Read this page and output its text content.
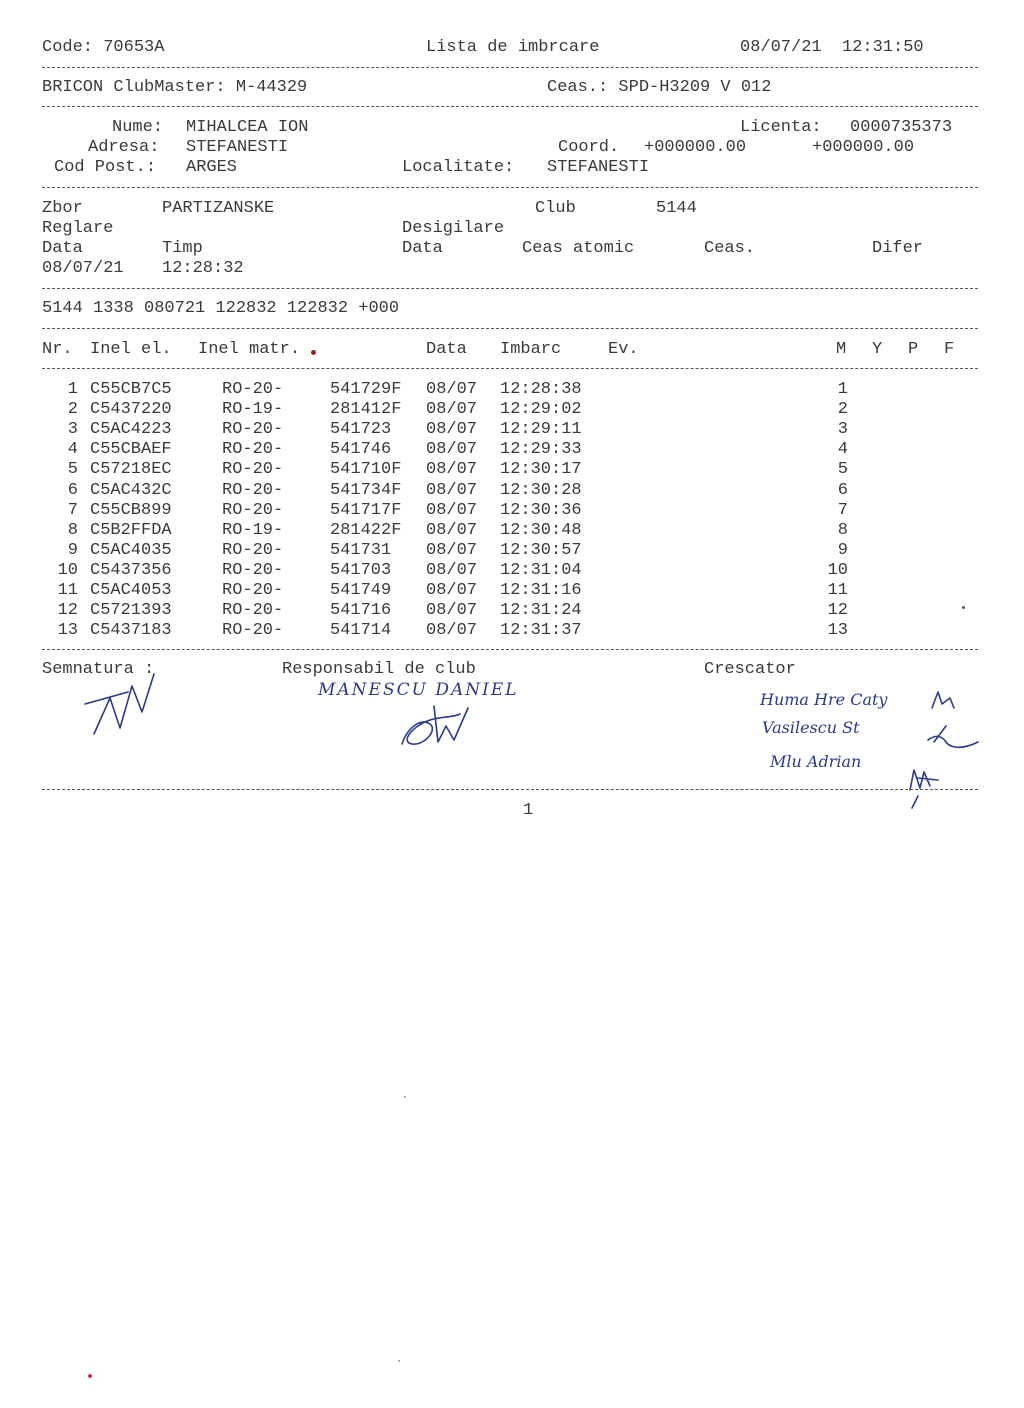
Code: 70653A	Lista de imbrcare	08/07/21  12:31:50
BRICON ClubMaster: M-44329	Ceas.: SPD-H3209 V 012
Nume: MIHALCEA ION	Licenta: 0000735373
Adresa: STEFANESTI	Coord. +000000.00	+000000.00
Cod Post.: ARGES	Localitate: STEFANESTI
Zbor	PARTIZANSKE	Club	5144
Reglare	Desigilare
Data	Timp	Data	Ceas atomic	Ceas.	Difer
08/07/21 12:28:32
5144 1338 080721 122832 122832 +000
Nr. Inel el. Inel matr.	Data Imbarc	Ev.	M Y P F
1 C55CB7C5	RO-20-	541729F 08/07 12:28:38	1
2 C5437220	RO-19-	281412F 08/07 12:29:02	2
3 C5AC4223	RO-20-	541723 08/07 12:29:11	3
4 C55CBAEF	RO-20-	541746 08/07 12:29:33	4
5 C57218EC	RO-20-	541710F 08/07 12:30:17	5
6 C5AC432C	RO-20-	541734F 08/07 12:30:28	6
7 C55CB899	RO-20-	541717F 08/07 12:30:36	7
8 C5B2FFDA	RO-19-	281422F 08/07 12:30:48	8
9 C5AC4035	RO-20-	541731 08/07 12:30:57	9
10 C5437356	RO-20-	541703 08/07 12:31:04	10
11 C5AC4053	RO-20-	541749 08/07 12:31:16	11
12 C5721393	RO-20-	541716 08/07 12:31:24	12
13 C5437183	RO-20-	541714 08/07 12:31:37	13
Semnatura :	Responsabil de club	Crescator
MANESCU DANIEL	Huma Hre Caty
Vasilescu St
Mlu Adrian
1
